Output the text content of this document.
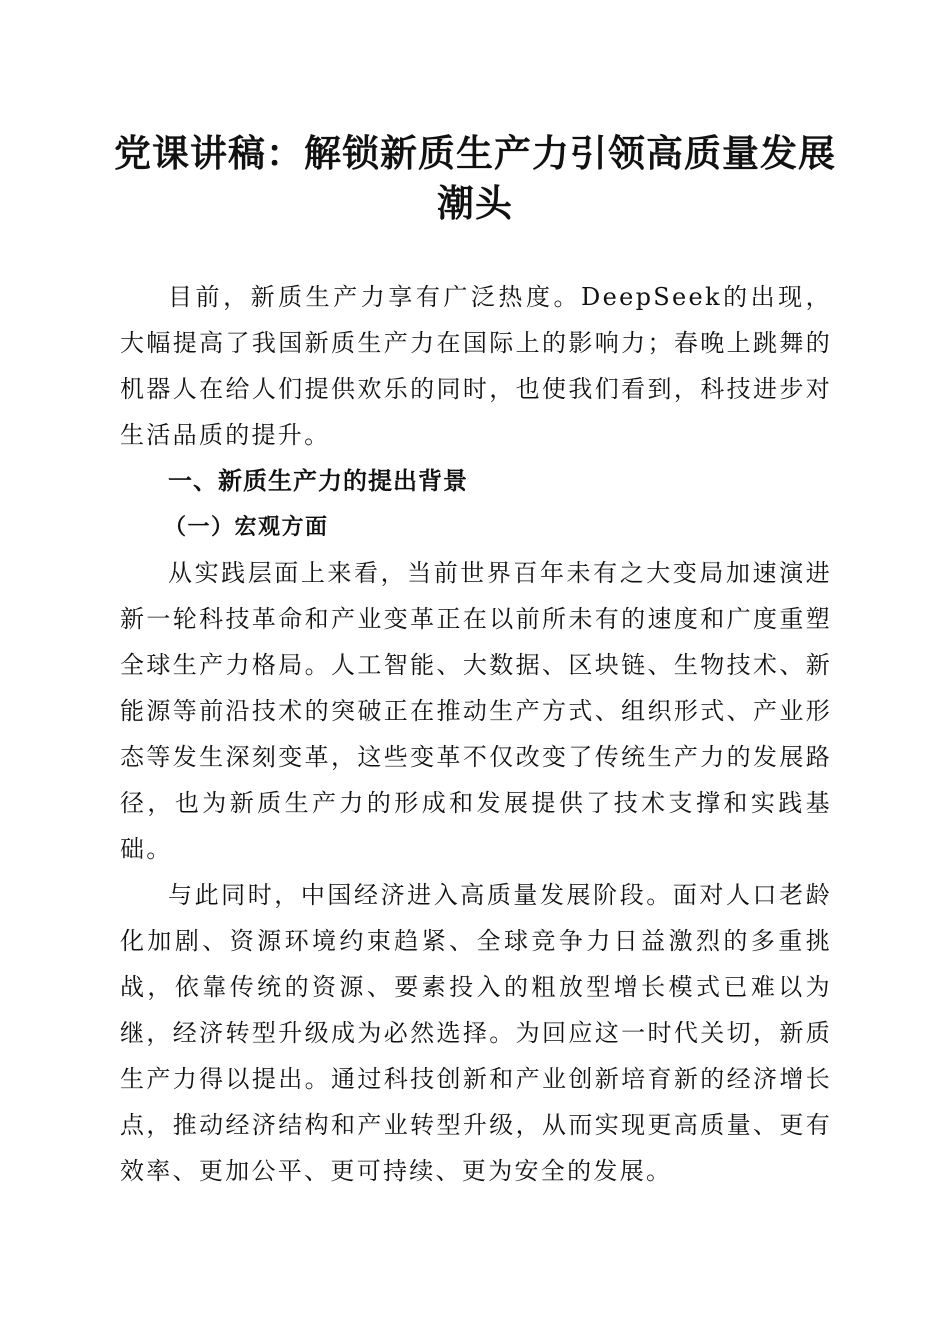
党课讲稿：解锁新质生产力引领高质量发展潮头

目前，新质生产力享有广泛热度。DeepSeek的出现，大幅提高了我国新质生产力在国际上的影响力；春晚上跳舞的机器人在给人们提供欢乐的同时，也使我们看到，科技进步对生活品质的提升。

一、新质生产力的提出背景
（一）宏观方面

从实践层面上来看，当前世界百年未有之大变局加速演进新一轮科技革命和产业变革正在以前所未有的速度和广度重塑全球生产力格局。人工智能、大数据、区块链、生物技术、新能源等前沿技术的突破正在推动生产方式、组织形式、产业形态等发生深刻变革，这些变革不仅改变了传统生产力的发展路径，也为新质生产力的形成和发展提供了技术支撑和实践基础。

与此同时，中国经济进入高质量发展阶段。面对人口老龄化加剧、资源环境约束趋紧、全球竞争力日益激烈的多重挑战，依靠传统的资源、要素投入的粗放型增长模式已难以为继，经济转型升级成为必然选择。为回应这一时代关切，新质生产力得以提出。通过科技创新和产业创新培育新的经济增长点，推动经济结构和产业转型升级，从而实现更高质量、更有效率、更加公平、更可持续、更为安全的发展。
